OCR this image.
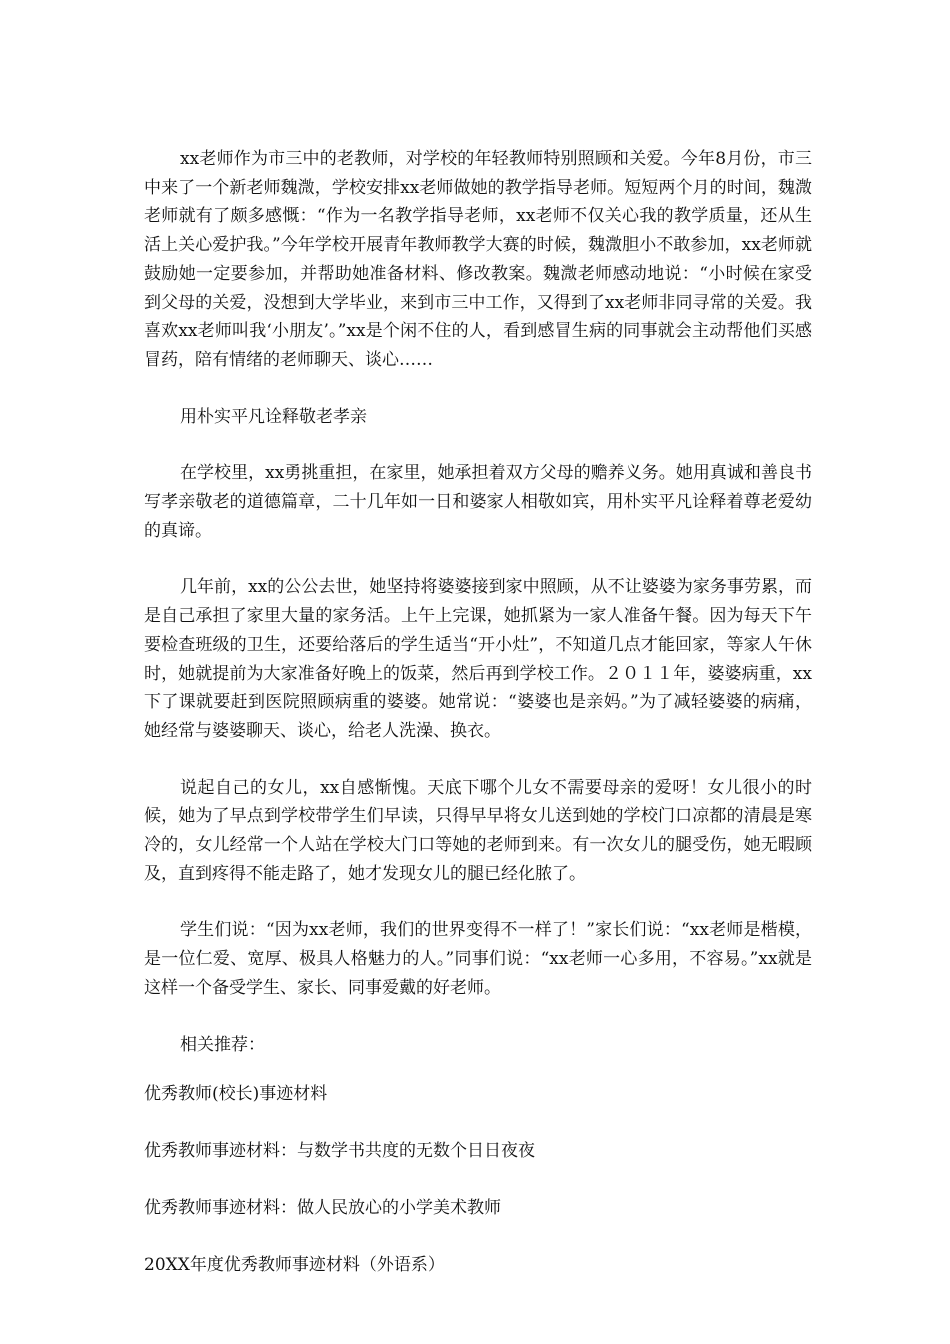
xx老师作为市三中的老教师，对学校的年轻教师特别照顾和关爱。今年8月份，市三中来了一个新老师魏溦，学校安排xx老师做她的教学指导老师。短短两个月的时间，魏溦老师就有了颇多感慨：“作为一名教学指导老师，xx老师不仅关心我的教学质量，还从生活上关心爱护我。”今年学校开展青年教师教学大赛的时候，魏溦胆小不敢参加，xx老师就鼓励她一定要参加，并帮助她准备材料、修改教案。魏溦老师感动地说：“小时候在家受到父母的关爱，没想到大学毕业，来到市三中工作，又得到了xx老师非同寻常的关爱。我喜欢xx老师叫我‘小朋友’。”xx是个闲不住的人，看到感冒生病的同事就会主动帮他们买感冒药，陪有情绪的老师聊天、谈心……

用朴实平凡诠释敬老孝亲

在学校里，xx勇挑重担，在家里，她承担着双方父母的赡养义务。她用真诚和善良书写孝亲敬老的道德篇章，二十几年如一日和婆家人相敬如宾，用朴实平凡诠释着尊老爱幼的真谛。

几年前，xx的公公去世，她坚持将婆婆接到家中照顾，从不让婆婆为家务事劳累，而是自己承担了家里大量的家务活。上午上完课，她抓紧为一家人准备午餐。因为每天下午要检查班级的卫生，还要给落后的学生适当“开小灶”，不知道几点才能回家，等家人午休时，她就提前为大家准备好晚上的饭菜，然后再到学校工作。２０１１年，婆婆病重，xx下了课就要赶到医院照顾病重的婆婆。她常说：“婆婆也是亲妈。”为了减轻婆婆的病痛，她经常与婆婆聊天、谈心，给老人洗澡、换衣。

说起自己的女儿，xx自感惭愧。天底下哪个儿女不需要母亲的爱呀！女儿很小的时候，她为了早点到学校带学生们早读，只得早早将女儿送到她的学校门口凉都的清晨是寒冷的，女儿经常一个人站在学校大门口等她的老师到来。有一次女儿的腿受伤，她无暇顾及，直到疼得不能走路了，她才发现女儿的腿已经化脓了。

学生们说：“因为xx老师，我们的世界变得不一样了！”家长们说：“xx老师是楷模，是一位仁爱、宽厚、极具人格魅力的人。”同事们说：“xx老师一心多用，不容易。”xx就是这样一个备受学生、家长、同事爱戴的好老师。

相关推荐：

优秀教师(校长)事迹材料
优秀教师事迹材料：与数学书共度的无数个日日夜夜
优秀教师事迹材料：做人民放心的小学美术教师
20XX年度优秀教师事迹材料（外语系）
